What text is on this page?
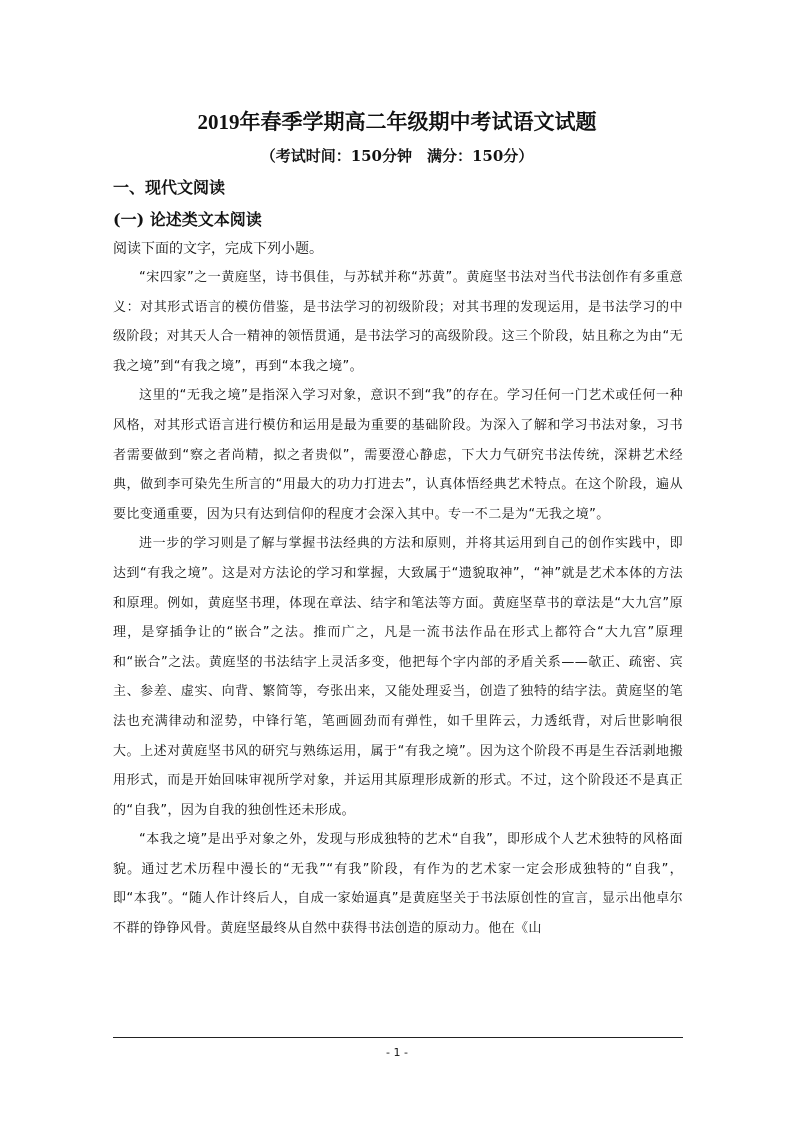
2019年春季学期高二年级期中考试语文试题
（考试时间：150分钟　满分：150分）
一、现代文阅读
(一) 论述类文本阅读
阅读下面的文字，完成下列小题。

“宋四家”之一黄庭坚，诗书俱佳，与苏轼并称“苏黄”。黄庭坚书法对当代书法创作有多重意义：对其形式语言的模仿借鉴，是书法学习的初级阶段；对其书理的发现运用，是书法学习的中级阶段；对其天人合一精神的领悟贯通，是书法学习的高级阶段。这三个阶段，姑且称之为由“无我之境”到“有我之境”，再到“本我之境”。

这里的“无我之境”是指深入学习对象，意识不到“我”的存在。学习任何一门艺术或任何一种风格，对其形式语言进行模仿和运用是最为重要的基础阶段。为深入了解和学习书法对象，习书者需要做到“察之者尚精，拟之者贵似”，需要澄心静虑，下大力气研究书法传统，深耕艺术经典，做到李可染先生所言的“用最大的功力打进去”，认真体悟经典艺术特点。在这个阶段，遍从要比变通重要，因为只有达到信仰的程度才会深入其中。专一不二是为“无我之境”。

进一步的学习则是了解与掌握书法经典的方法和原则，并将其运用到自己的创作实践中，即达到“有我之境”。这是对方法论的学习和掌握，大致属于“遗貌取神”，“神”就是艺术本体的方法和原理。例如，黄庭坚书理，体现在章法、结字和笔法等方面。黄庭坚草书的章法是“大九宫”原理，是穿插争让的“嵌合”之法。推而广之，凡是一流书法作品在形式上都符合“大九宫”原理和“嵌合”之法。黄庭坚的书法结字上灵活多变，他把每个字内部的矛盾关系——欹正、疏密、宾主、参差、虚实、向背、繁简等，夸张出来，又能处理妥当，创造了独特的结字法。黄庭坚的笔法也充满律动和涩势，中锋行笔，笔画圆劲而有弹性，如千里阵云，力透纸背，对后世影响很大。上述对黄庭坚书风的研究与熟练运用，属于“有我之境”。因为这个阶段不再是生吞活剥地搬用形式，而是开始回味审视所学对象，并运用其原理形成新的形式。不过，这个阶段还不是真正的“自我”，因为自我的独创性还未形成。

“本我之境”是出乎对象之外，发现与形成独特的艺术“自我”，即形成个人艺术独特的风格面貌。通过艺术历程中漫长的“无我”“有我”阶段，有作为的艺术家一定会形成独特的“自我”，即“本我”。“随人作计终后人，自成一家始逼真”是黄庭坚关于书法原创性的宣言，显示出他卓尔不群的铮铮风骨。黄庭坚最终从自然中获得书法创造的原动力。他在《山

- 1 -
